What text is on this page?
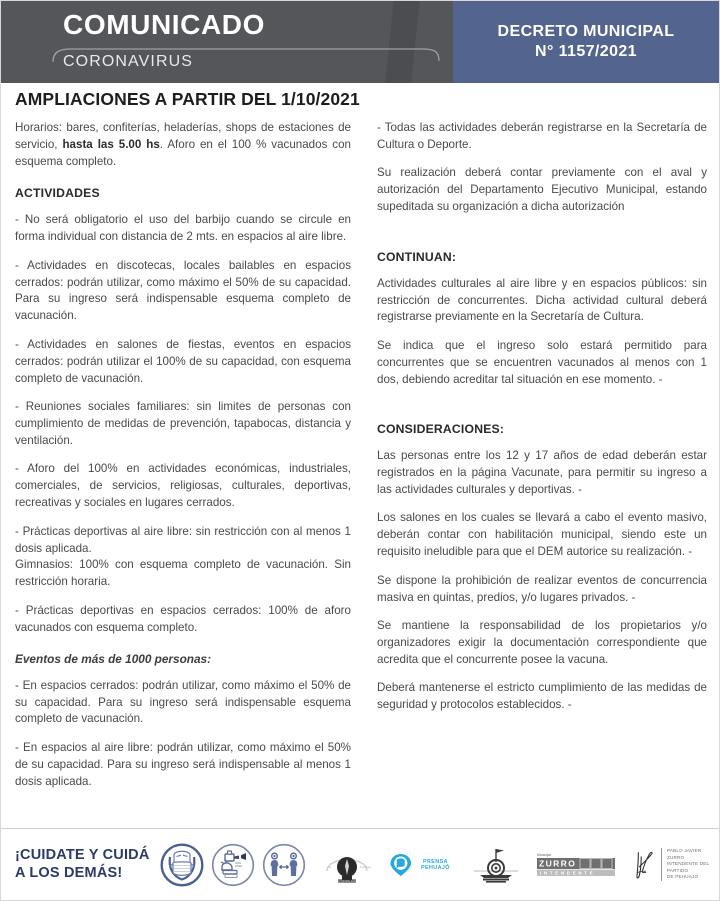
COMUNICADO
CORONAVIRUS
DECRETO MUNICIPAL
N° 1157/2021
AMPLIACIONES A PARTIR DEL 1/10/2021

Horarios: bares, confiterías, heladerías, shops de estaciones de servicio, hasta las 5.00 hs. Aforo en el 100 % vacunados con esquema completo.

ACTIVIDADES

- No será obligatorio el uso del barbijo cuando se circule en forma individual con distancia de 2 mts. en espacios al aire libre.

- Actividades en discotecas, locales bailables en espacios cerrados: podrán utilizar, como máximo el 50% de su capacidad. Para su ingreso será indispensable esquema completo de vacunación.

- Actividades en salones de fiestas, eventos en espacios cerrados: podrán utilizar el 100% de su capacidad, con esquema completo de vacunación.

- Reuniones sociales familiares: sin limites de personas con cumplimiento de medidas de prevención, tapabocas, distancia y ventilación.

- Aforo del 100% en actividades económicas, industriales, comerciales, de servicios, religiosas, culturales, deportivas, recreativas y sociales en lugares cerrados.

- Prácticas deportivas al aire libre: sin restricción con al menos 1 dosis aplicada.
Gimnasios: 100% con esquema completo de vacunación. Sin restricción horaria.

- Prácticas deportivas en espacios cerrados: 100% de aforo vacunados con esquema completo.

Eventos de más de 1000 personas:

- En espacios cerrados: podrán utilizar, como máximo el 50% de su capacidad. Para su ingreso será indispensable esquema completo de vacunación.

- En espacios al aire libre: podrán utilizar, como máximo el 50% de su capacidad. Para su ingreso será indispensable al menos 1 dosis aplicada.

- Todas las actividades deberán registrarse en la Secretaría de Cultura o Deporte.

Su realización deberá contar previamente con el aval y autorización del Departamento Ejecutivo Municipal, estando supeditada su organización a dicha autorización

CONTINUAN:

Actividades culturales al aire libre y en espacios públicos: sin restricción de concurrentes. Dicha actividad cultural deberá registrarse previamente en la Secretaría de Cultura.

Se indica que el ingreso solo estará permitido para concurrentes que se encuentren vacunados al menos con 1 dos, debiendo acreditar tal situación en ese momento. -

CONSIDERACIONES:

Las personas entre los 12 y 17 años de edad deberán estar registrados en la página Vacunate, para permitir su ingreso a las actividades culturales y deportivas. -

Los salones en los cuales se llevará a cabo el evento masivo, deberán contar con habilitación municipal, siendo este un requisito ineludible para que el DEM autorice su realización. -

Se dispone la prohibición de realizar eventos de concurrencia masiva en quintas, predios, y/o lugares privados. -

Se mantiene la responsabilidad de los propietarios y/o organizadores exigir la documentación correspondiente que acredita que el concurrente posee la vacuna.

Deberá mantenerse el estricto cumplimiento de las medidas de seguridad y protocolos establecidos. -

¡CUIDATE Y CUIDÁ
A LOS DEMÁS!
MUNICIPALIDAD
de	Pehuajó
PRENSA PEHUAJÓ
Municipio
ZURRO
INTENDENTE
PABLO JAVIER ZURRO
INTENDENTE DEL PARTIDO
DE PEHUAJÓ
